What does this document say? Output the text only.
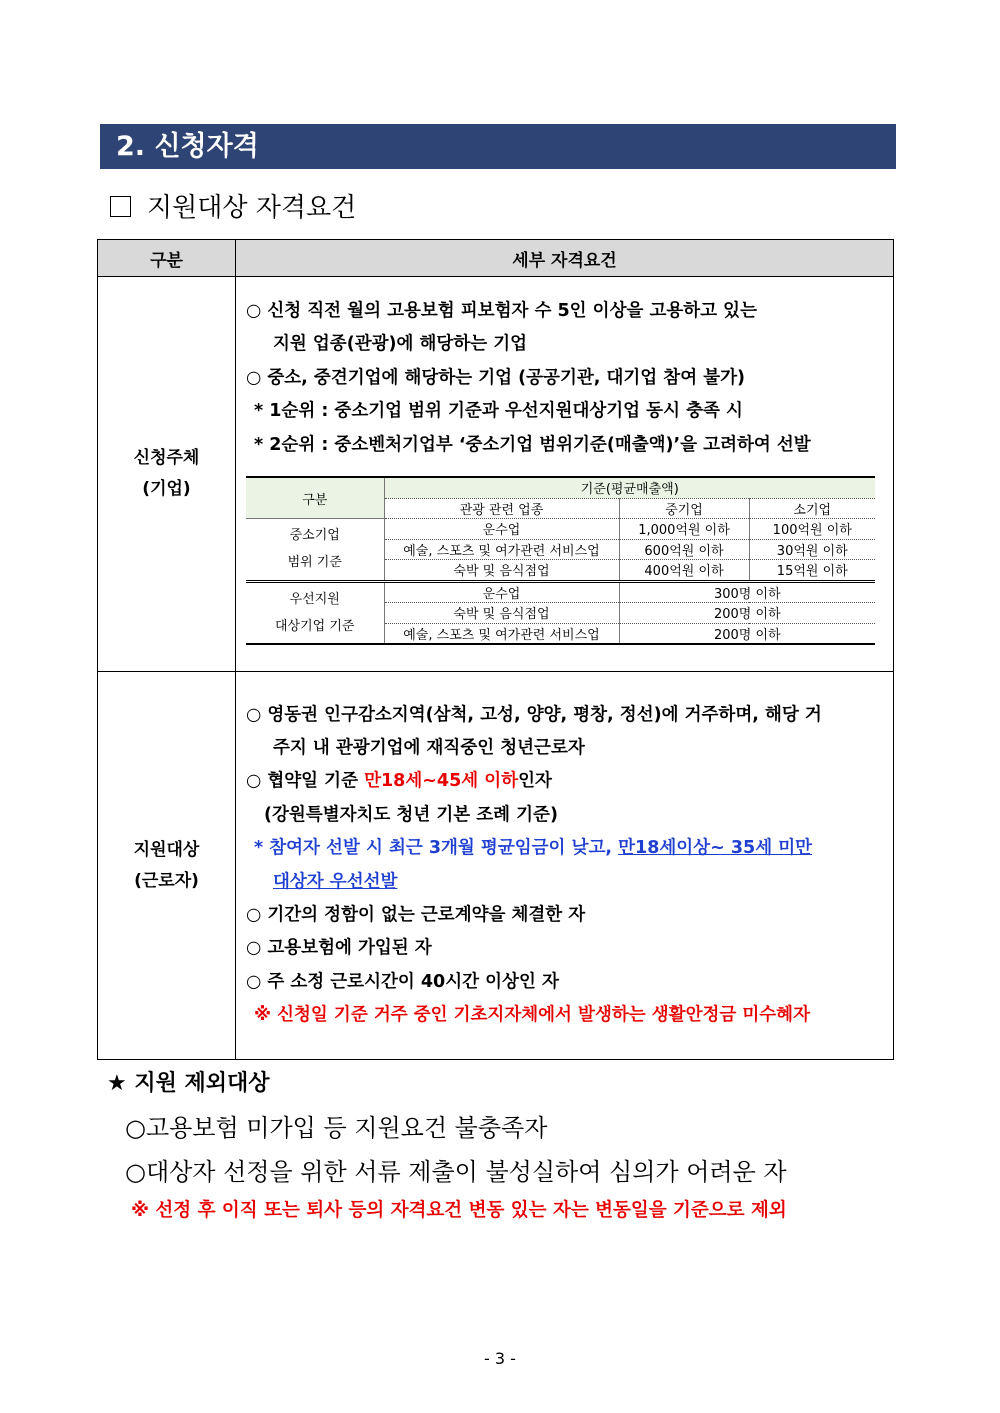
2. 신청자격
지원대상 자격요건
구분	세부 자격요건

신청주체
(기업)

○ 신청 직전 월의 고용보험 피보험자 수 5인 이상을 고용하고 있는
지원 업종(관광)에 해당하는 기업
○ 중소, 중견기업에 해당하는 기업 (공공기관, 대기업 참여 불가)
* 1순위 : 중소기업 범위 기준과 우선지원대상기업 동시 충족 시
* 2순위 : 중소벤처기업부 ‘중소기업 범위기준(매출액)’을 고려하여 선발
구분	기준(평균매출액)
관광 관련 업종	중기업	소기업
중소기업
범위 기준	운수업	1,000억원 이하	100억원 이하
예술, 스포츠 및 여가관련 서비스업	600억원 이하	30억원 이하
숙박 및 음식점업	400억원 이하	15억원 이하
우선지원
대상기업 기준	운수업	300명 이하
숙박 및 음식점업	200명 이하
예술, 스포츠 및 여가관련 서비스업	200명 이하

지원대상
(근로자)

○ 영동권 인구감소지역(삼척, 고성, 양양, 평창, 정선)에 거주하며, 해당 거
주지 내 관광기업에 재직중인 청년근로자
○ 협약일 기준 만18세~45세 이하인자
(강원특별자치도 청년 기본 조례 기준)
* 참여자 선발 시 최근 3개월 평균임금이 낮고, 만18세이상~ 35세 미만
대상자 우선선발
○ 기간의 정함이 없는 근로계약을 체결한 자
○ 고용보험에 가입된 자
○ 주 소정 근로시간이 40시간 이상인 자
※ 신청일 기준 거주 중인 기초지자체에서 발생하는 생활안정금 미수혜자
★ 지원 제외대상
○고용보험 미가입 등 지원요건 불충족자
○대상자 선정을 위한 서류 제출이 불성실하여 심의가 어려운 자
※ 선정 후 이직 또는 퇴사 등의 자격요건 변동 있는 자는 변동일을 기준으로 제외
- 3 -
